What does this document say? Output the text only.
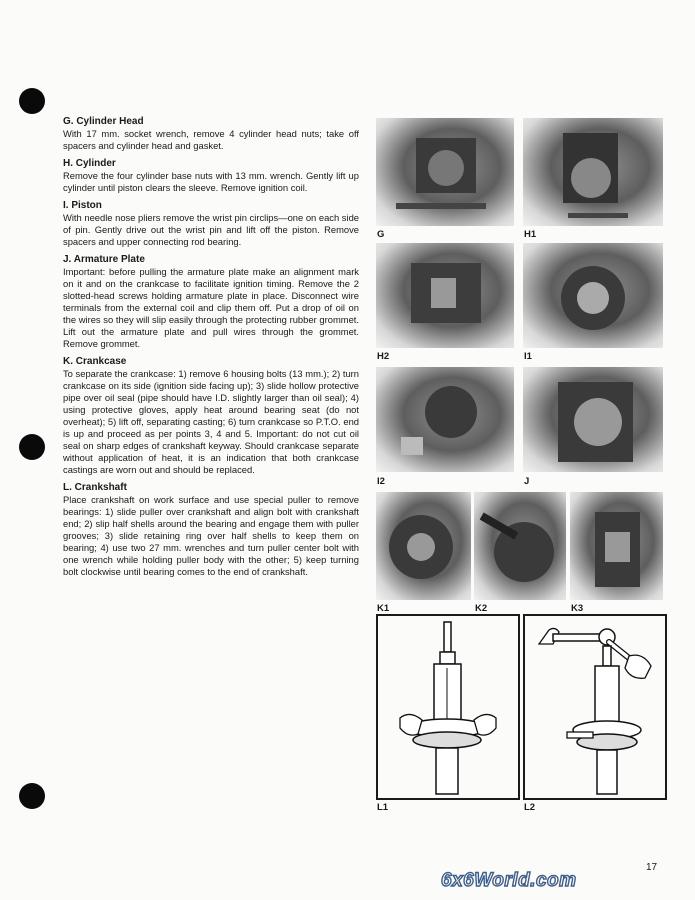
G. Cylinder Head

With 17 mm. socket wrench, remove 4 cylinder head nuts; take off spacers and cylinder head and gasket.

H. Cylinder

Remove the four cylinder base nuts with 13 mm. wrench. Gently lift up cylinder until piston clears the sleeve. Remove ignition coil.

I. Piston

With needle nose pliers remove the wrist pin circlips—one on each side of pin. Gently drive out the wrist pin and lift off the piston. Remove spacers and upper connecting rod bearing.

J. Armature Plate

Important: before pulling the armature plate make an alignment mark on it and on the crankcase to facilitate ignition timing. Remove the 2 slotted-head screws holding armature plate in place. Disconnect wire terminals from the external coil and clip them off. Put a drop of oil on the wires so they will slip easily through the protecting rubber grommet. Lift out the armature plate and pull wires through the grommet. Remove grommet.

K. Crankcase

To separate the crankcase: 1) remove 6 housing bolts (13 mm.); 2) turn crankcase on its side (ignition side facing up); 3) slide hollow protective pipe over oil seal (pipe should have I.D. slightly larger than oil seal); 4) using protective gloves, apply heat around bearing seat (do not overheat); 5) lift off, separating casting; 6) turn crankcase so P.T.O. end is up and proceed as per points 3, 4 and 5. Important: do not cut oil seal on sharp edges of crankshaft keyway. Should crankcase separate without application of heat, it is an indication that both crankcase castings are worn out and should be replaced.

L. Crankshaft

Place crankshaft on work surface and use special puller to remove bearings: 1) slide puller over crankshaft and align bolt with crankshaft end; 2) slip half shells around the bearing and engage them with puller grooves; 3) slide retaining ring over half shells to keep them on bearing; 4) use two 27 mm. wrenches and turn puller center bolt with one wrench while holding puller body with the other; 5) keep turning bolt clockwise until bearing comes to the end of crankshaft.

G	H1
H2	I1
I2	J
K1	K2	K3
L1	L2
17
6x6World.com
